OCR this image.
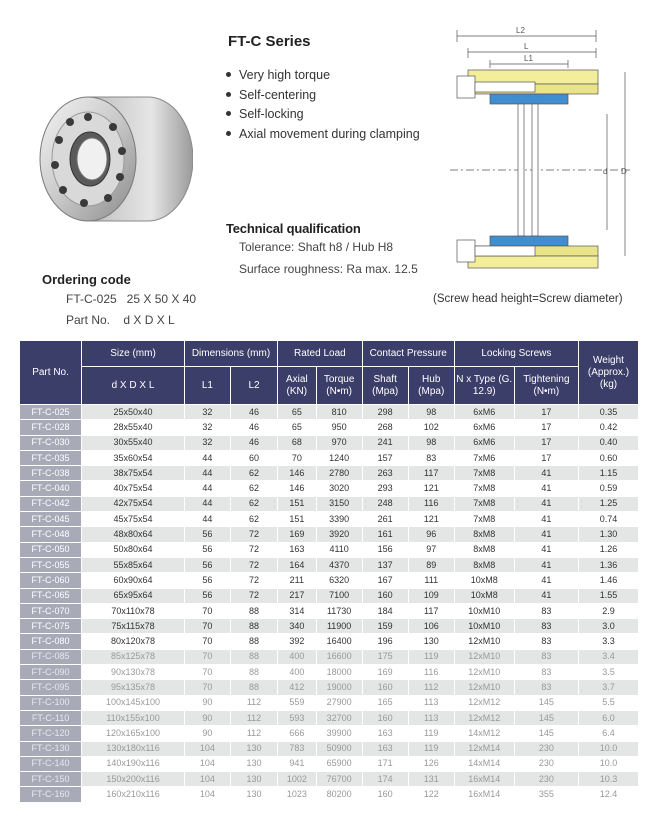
FT-C Series
Very high torque
Self-centering
Self-locking
Axial movement during clamping
Technical qualification
Tolerance: Shaft h8 / Hub H8
Surface roughness: Ra max. 12.5
Ordering code
FT-C-025   25 X 50 X 40
Part No.    d X D X L
(Screw head height=Screw diameter)
L2
L
L1
d D
Part No.	Size (mm)	Dimensions (mm)		Rated Load		Contact Pressure		Locking Screws		Weight (Approx.) (kg)
	d X D X L	L1	L2	Axial (KN)	Torque (N•m)	Shaft (Mpa)	Hub (Mpa)	N x Type (G. 12.9)	Tightening (N•m)	
FT-C-025	25x50x40	32	46	65	810	298	98	6xM6	17	0.35
FT-C-028	28x55x40	32	46	65	950	268	102	6xM6	17	0.42
FT-C-030	30x55x40	32	46	68	970	241	98	6xM6	17	0.40
FT-C-035	35x60x54	44	60	70	1240	157	83	7xM6	17	0.60
FT-C-038	38x75x54	44	62	146	2780	263	117	7xM8	41	1.15
FT-C-040	40x75x54	44	62	146	3020	293	121	7xM8	41	0.59
FT-C-042	42x75x54	44	62	151	3150	248	116	7xM8	41	1.25
FT-C-045	45x75x54	44	62	151	3390	261	121	7xM8	41	0.74
FT-C-048	48x80x64	56	72	169	3920	161	96	8xM8	41	1.30
FT-C-050	50x80x64	56	72	163	4110	156	97	8xM8	41	1.26
FT-C-055	55x85x64	56	72	164	4370	137	89	8xM8	41	1.36
FT-C-060	60x90x64	56	72	211	6320	167	111	10xM8	41	1.46
FT-C-065	65x95x64	56	72	217	7100	160	109	10xM8	41	1.55
FT-C-070	70x110x78	70	88	314	11730	184	117	10xM10	83	2.9
FT-C-075	75x115x78	70	88	340	11900	159	106	10xM10	83	3.0
FT-C-080	80x120x78	70	88	392	16400	196	130	12xM10	83	3.3
FT-C-085	85x125x78	70	88	400	16600	175	119	12xM10	83	3.4
FT-C-090	90x130x78	70	88	400	18000	169	116	12xM10	83	3.5
FT-C-095	95x135x78	70	88	412	19000	160	112	12xM10	83	3.7
FT-C-100	100x145x100	90	112	559	27900	165	113	12xM12	145	5.5
FT-C-110	110x155x100	90	112	593	32700	160	113	12xM12	145	6.0
FT-C-120	120x165x100	90	112	666	39900	163	119	14xM12	145	6.4
FT-C-130	130x180x116	104	130	783	50900	163	119	12xM14	230	10.0
FT-C-140	140x190x116	104	130	941	65900	171	126	14xM14	230	10.0
FT-C-150	150x200x116	104	130	1002	76700	174	131	16xM14	230	10.3
FT-C-160	160x210x116	104	130	1023	80200	160	122	16xM14	355	12.4
